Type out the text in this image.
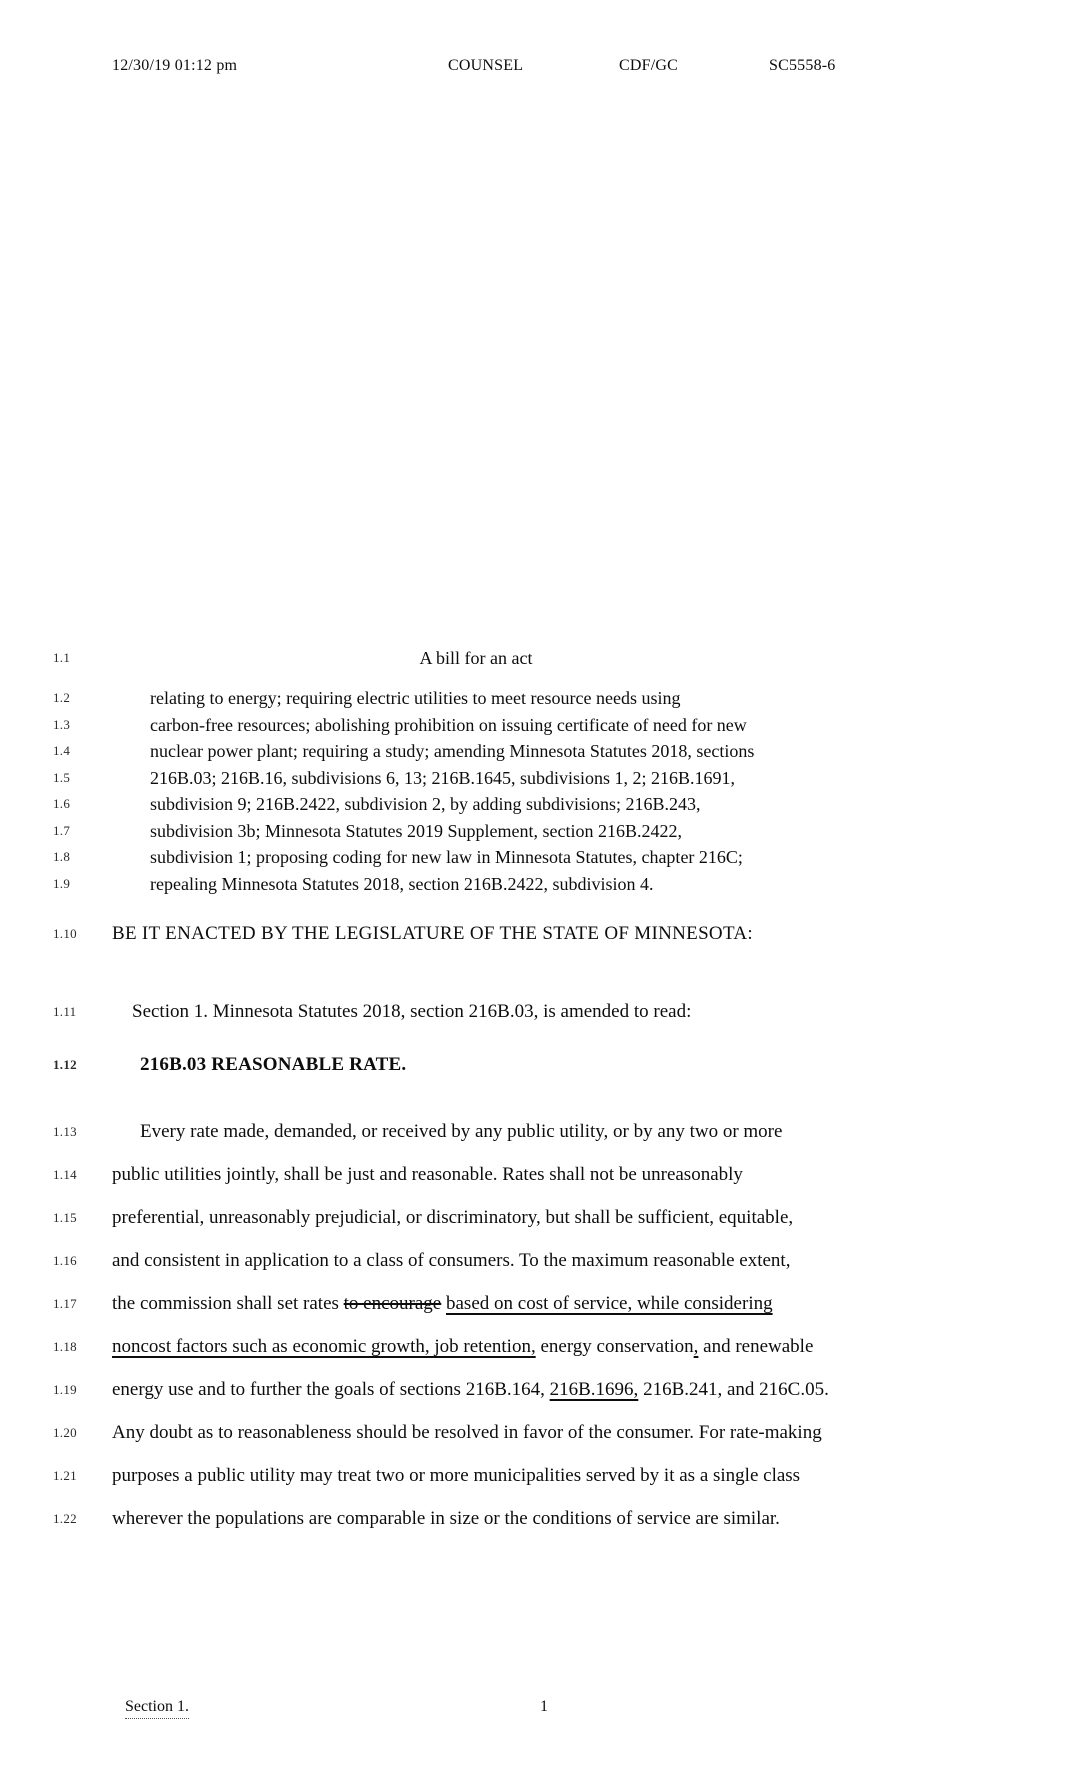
12/30/19 01:12 pm	COUNSEL	CDF/GC	SC5558-6
1.1	A bill for an act
1.2	relating to energy; requiring electric utilities to meet resource needs using
1.3	carbon-free resources; abolishing prohibition on issuing certificate of need for new
1.4	nuclear power plant; requiring a study; amending Minnesota Statutes 2018, sections
1.5	216B.03; 216B.16, subdivisions 6, 13; 216B.1645, subdivisions 1, 2; 216B.1691,
1.6	subdivision 9; 216B.2422, subdivision 2, by adding subdivisions; 216B.243,
1.7	subdivision 3b; Minnesota Statutes 2019 Supplement, section 216B.2422,
1.8	subdivision 1; proposing coding for new law in Minnesota Statutes, chapter 216C;
1.9	repealing Minnesota Statutes 2018, section 216B.2422, subdivision 4.
1.10 BE IT ENACTED BY THE LEGISLATURE OF THE STATE OF MINNESOTA:
1.11	Section 1. Minnesota Statutes 2018, section 216B.03, is amended to read:
1.12	216B.03 REASONABLE RATE.
1.13	Every rate made, demanded, or received by any public utility, or by any two or more
1.14 public utilities jointly, shall be just and reasonable. Rates shall not be unreasonably
1.15 preferential, unreasonably prejudicial, or discriminatory, but shall be sufficient, equitable,
1.16 and consistent in application to a class of consumers. To the maximum reasonable extent,
1.17 the commission shall set rates to encourage based on cost of service, while considering
1.18 noncost factors such as economic growth, job retention, energy conservation, and renewable
1.19 energy use and to further the goals of sections 216B.164, 216B.1696, 216B.241, and 216C.05.
1.20 Any doubt as to reasonableness should be resolved in favor of the consumer. For rate-making
1.21 purposes a public utility may treat two or more municipalities served by it as a single class
1.22 wherever the populations are comparable in size or the conditions of service are similar.
1
Section 1.
